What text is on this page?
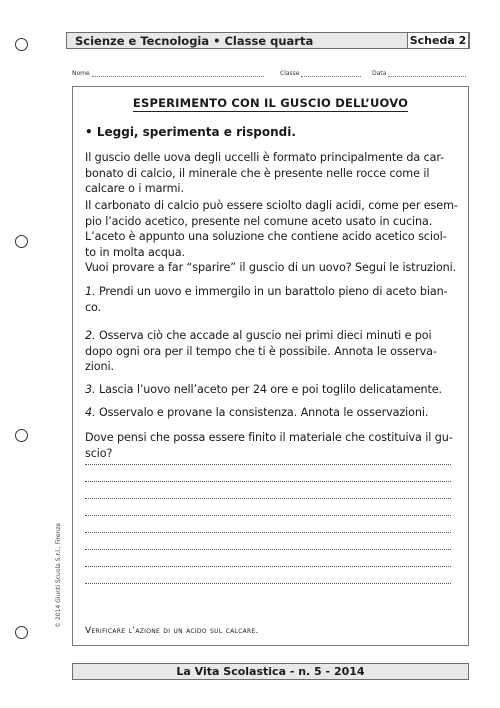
Scienze e Tecnologia • Classe quarta	Scheda 2
Nome	Classe	Data
ESPERIMENTO CON IL GUSCIO DELL’UOVO
• Leggi, sperimenta e rispondi.
Il guscio delle uova degli uccelli è formato principalmente da car-
bonato di calcio, il minerale che è presente nelle rocce come il
calcare o i marmi.
Il carbonato di calcio può essere sciolto dagli acidi, come per esem-
pio l’acido acetico, presente nel comune aceto usato in cucina.
L’aceto è appunto una soluzione che contiene acido acetico sciol-
to in molta acqua.
Vuoi provare a far “sparire” il guscio di un uovo? Segui le istruzioni.
1. Prendi un uovo e immergilo in un barattolo pieno di aceto bian-
co.
2. Osserva ciò che accade al guscio nei primi dieci minuti e poi
dopo ogni ora per il tempo che ti è possibile. Annota le osserva-
zioni.
3. Lascia l’uovo nell’aceto per 24 ore e poi toglilo delicatamente.
4. Osservalo e provane la consistenza. Annota le osservazioni.
Dove pensi che possa essere finito il materiale che costituiva il gu-
scio?
Verificare l’azione di un acido sul calcare.
© 2014 Giunti Scuola S.r.l., Firenze
La Vita Scolastica - n. 5 - 2014
